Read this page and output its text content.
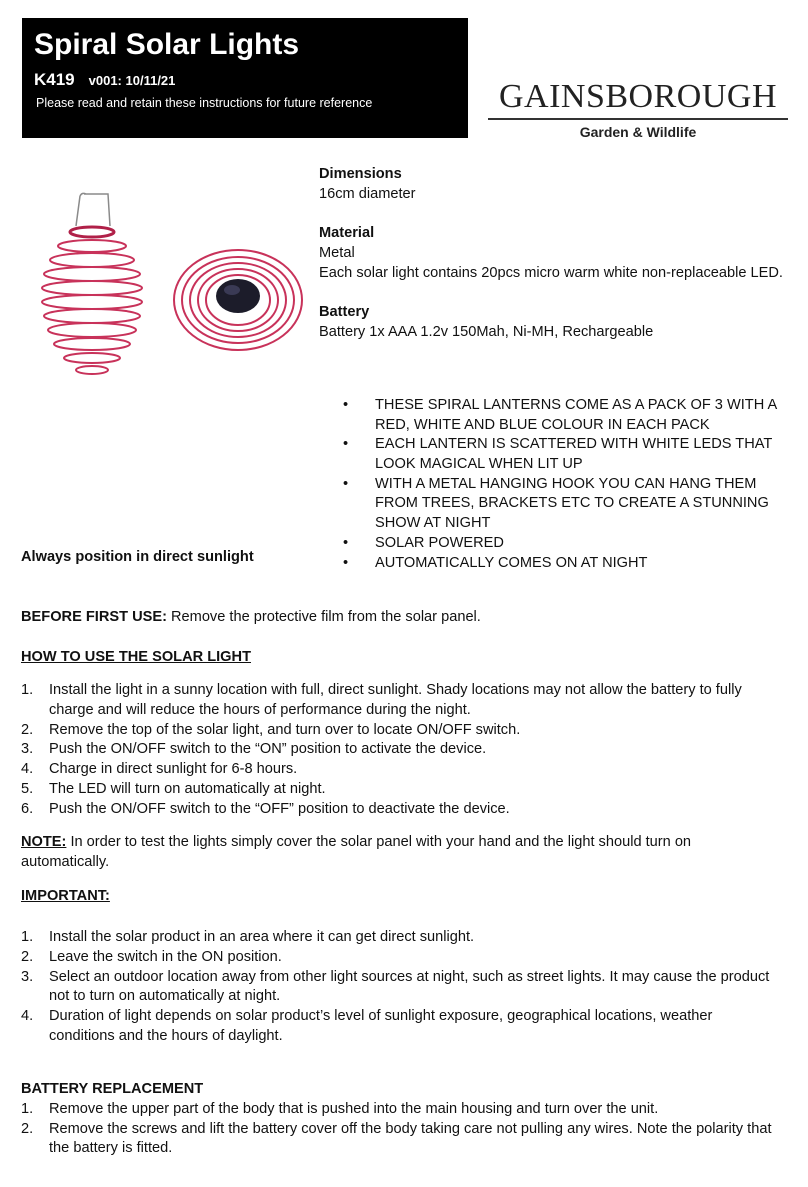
Spiral Solar Lights
K419 v001: 10/11/21
Please read and retain these instructions for future reference	GAINSBOROUGH
Garden & Wildlife
Dimensions
16cm diameter
Material
Metal
Each solar light contains 20pcs micro warm white non-replaceable LED.
Battery
Battery 1x AAA 1.2v 150Mah, Ni-MH, Rechargeable
• THESE SPIRAL LANTERNS COME AS A PACK OF 3 WITH A RED, WHITE AND BLUE COLOUR IN EACH PACK
• EACH LANTERN IS SCATTERED WITH WHITE LEDS THAT LOOK MAGICAL WHEN LIT UP
• WITH A METAL HANGING HOOK YOU CAN HANG THEM FROM TREES, BRACKETS ETC TO CREATE A STUNNING SHOW AT NIGHT
• SOLAR POWERED
• AUTOMATICALLY COMES ON AT NIGHT
Always position in direct sunlight

BEFORE FIRST USE: Remove the protective film from the solar panel.

HOW TO USE THE SOLAR LIGHT
1. Install the light in a sunny location with full, direct sunlight. Shady locations may not allow the battery to fully charge and will reduce the hours of performance during the night.
2. Remove the top of the solar light, and turn over to locate ON/OFF switch.
3. Push the ON/OFF switch to the “ON” position to activate the device.
4. Charge in direct sunlight for 6-8 hours.
5. The LED will turn on automatically at night.
6. Push the ON/OFF switch to the “OFF” position to deactivate the device.

NOTE: In order to test the lights simply cover the solar panel with your hand and the light should turn on automatically.

IMPORTANT:
1. Install the solar product in an area where it can get direct sunlight.
2. Leave the switch in the ON position.
3. Select an outdoor location away from other light sources at night, such as street lights. It may cause the product not to turn on automatically at night.
4. Duration of light depends on solar product’s level of sunlight exposure, geographical locations, weather conditions and the hours of daylight.
BATTERY REPLACEMENT
1. Remove the upper part of the body that is pushed into the main housing and turn over the unit.
2. Remove the screws and lift the battery cover off the body taking care not pulling any wires. Note the polarity that the battery is fitted.
